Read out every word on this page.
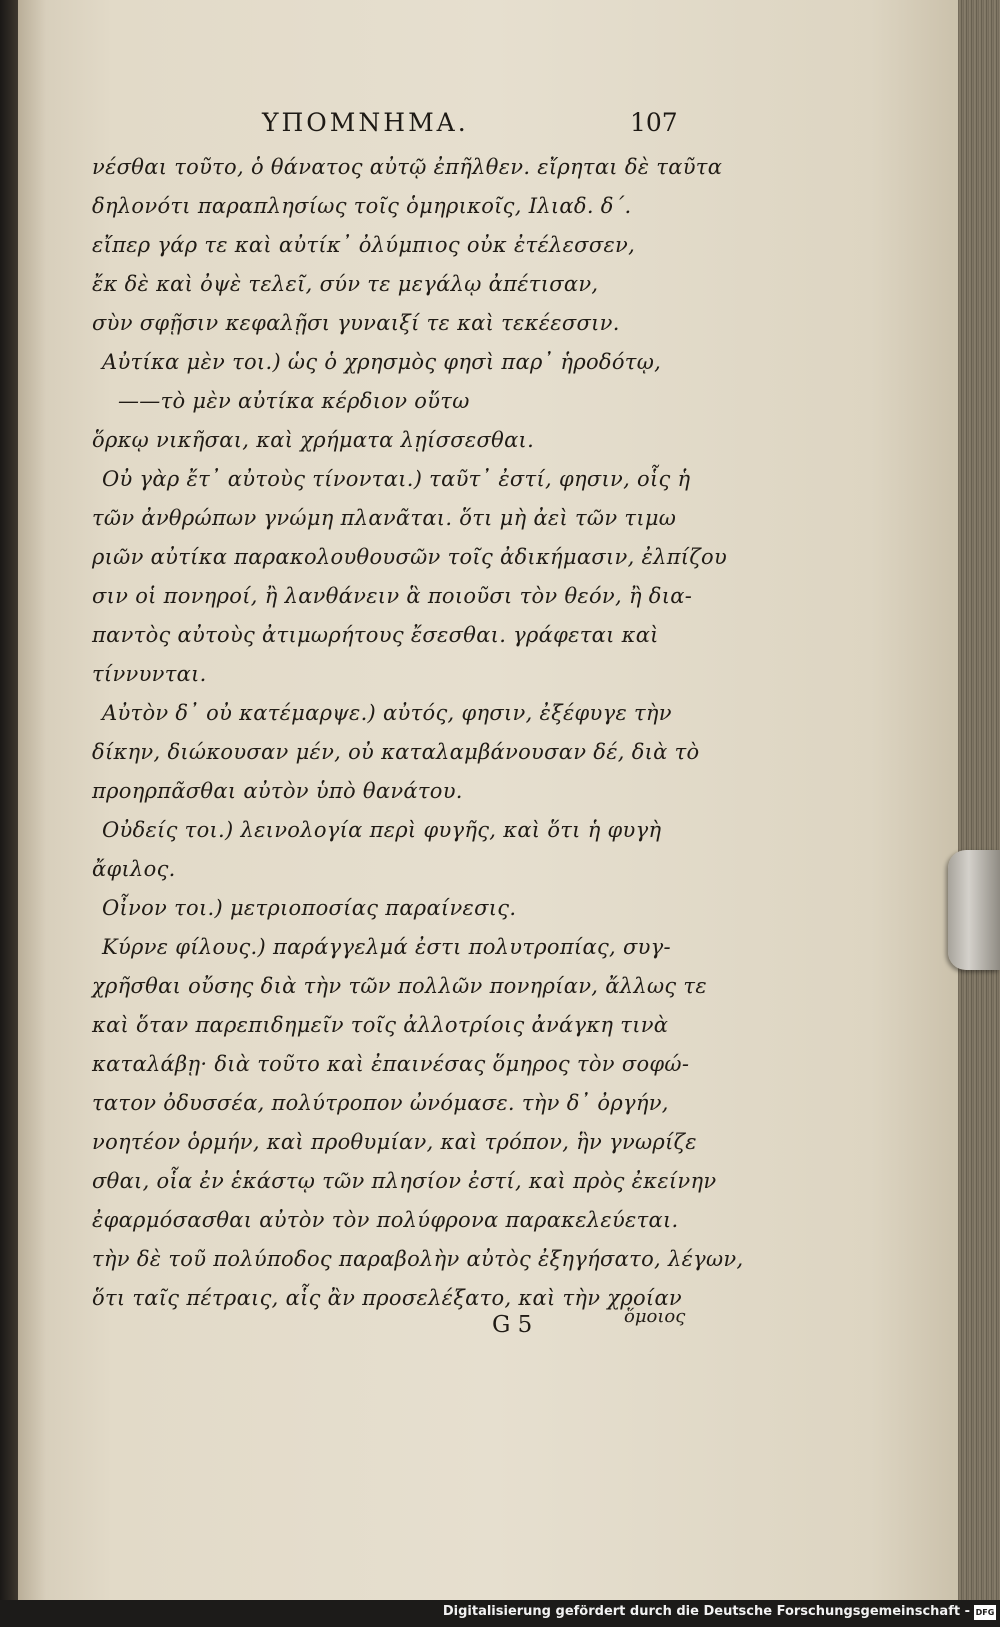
ΥΠΟΜΝΗΜΑ.	107
νέσθαι τοῦτο, ὁ θάνατος αὐτῷ ἐπῆλθεν. εἴρηται δὲ ταῦτα
δηλονότι παραπλησίως τοῖς ὁμηρικοῖς, Ιλιαδ. δ΄.
εἴπερ γάρ τε καὶ αὐτίκ᾽ ὀλύμπιος οὐκ ἐτέλεσσεν,
ἔκ δὲ καὶ ὀψὲ τελεῖ, σύν τε μεγάλῳ ἀπέτισαν,
σὺν σφῇσιν κεφαλῇσι γυναιξί τε καὶ τεκέεσσιν.
Αὐτίκα μὲν τοι.) ὡς ὁ χρησμὸς φησὶ παρ᾽ ἡροδότῳ,
——τὸ μὲν αὐτίκα κέρδιον οὕτω
ὅρκῳ νικῆσαι, καὶ χρήματα λῃίσσεσθαι.
Οὐ γὰρ ἔτ᾽ αὐτοὺς τίνονται.) ταῦτ᾽ ἐστί, φησιν, οἷς ἡ
τῶν ἀνθρώπων γνώμη πλανᾶται. ὅτι μὴ ἀεὶ τῶν τιμω
ριῶν αὐτίκα παρακολουθουσῶν τοῖς ἀδικήμασιν, ἐλπίζου
σιν οἱ πονηροί, ἢ λανθάνειν ἃ ποιοῦσι τὸν θεόν, ἢ δια-
παντὸς αὐτοὺς ἀτιμωρήτους ἔσεσθαι. γράφεται καὶ
τίννυνται.
Αὐτὸν δ᾽ οὐ κατέμαρψε.) αὐτός, φησιν, ἐξέφυγε τὴν
δίκην, διώκουσαν μέν, οὐ καταλαμβάνουσαν δέ, διὰ τὸ
προηρπᾶσθαι αὐτὸν ὑπὸ θανάτου.
Οὐδείς τοι.) λεινολογία περὶ φυγῆς, καὶ ὅτι ἡ φυγὴ
ἄφιλος.
Οἶνον τοι.) μετριοποσίας παραίνεσις.
Κύρνε φίλους.) παράγγελμά ἐστι πολυτροπίας, συγ-
χρῆσθαι οὔσης διὰ τὴν τῶν πολλῶν πονηρίαν, ἄλλως τε
καὶ ὅταν παρεπιδημεῖν τοῖς ἀλλοτρίοις ἀνάγκη τινὰ
καταλάβῃ· διὰ τοῦτο καὶ ἐπαινέσας ὅμηρος τὸν σοφώ-
τατον ὀδυσσέα, πολύτροπον ὠνόμασε. τὴν δ᾽ ὀργήν,
νοητέον ὁρμήν, καὶ προθυμίαν, καὶ τρόπον, ἣν γνωρίζε
σθαι, οἷα ἐν ἑκάστῳ τῶν πλησίον ἐστί, καὶ πρὸς ἐκείνην
ἐφαρμόσασθαι αὐτὸν τὸν πολύφρονα παρακελεύεται.
τὴν δὲ τοῦ πολύποδος παραβολὴν αὐτὸς ἐξηγήσατο, λέγων,
ὅτι ταῖς πέτραις, αἷς ἂν προσελέξατο, καὶ τὴν χροίαν
G 5	ὅμοιος
Digitalisierung gefördert durch die Deutsche Forschungsgemeinschaft - DFG
